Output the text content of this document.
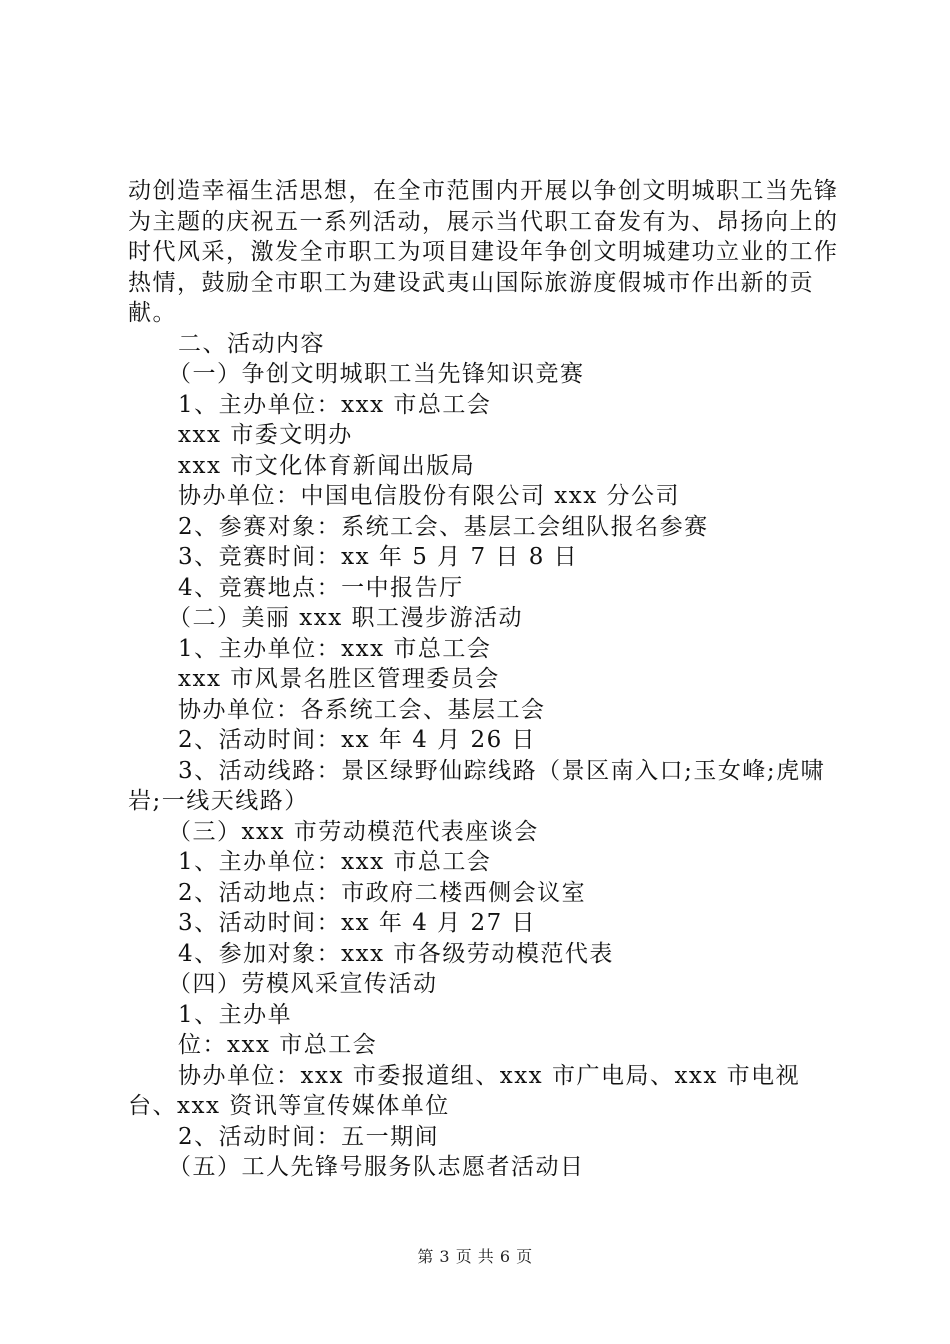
动创造幸福生活思想，在全市范围内开展以争创文明城职工当先锋为主题的庆祝五一系列活动，展示当代职工奋发有为、昂扬向上的时代风采，激发全市职工为项目建设年争创文明城建功立业的工作热情，鼓励全市职工为建设武夷山国际旅游度假城市作出新的贡献。

二、活动内容

（一）争创文明城职工当先锋知识竞赛

1、主办单位：xxx 市总工会

xxx 市委文明办

xxx 市文化体育新闻出版局

协办单位：中国电信股份有限公司 xxx 分公司

2、参赛对象：系统工会、基层工会组队报名参赛

3、竞赛时间：xx 年 5 月 7 日 8 日

4、竞赛地点：一中报告厅

（二）美丽 xxx 职工漫步游活动

1、主办单位：xxx 市总工会

xxx 市风景名胜区管理委员会

协办单位：各系统工会、基层工会

2、活动时间：xx 年 4 月 26 日

3、活动线路：景区绿野仙踪线路（景区南入口;玉女峰;虎啸岩;一线天线路）

（三）xxx 市劳动模范代表座谈会

1、主办单位：xxx 市总工会

2、活动地点：市政府二楼西侧会议室

3、活动时间：xx 年 4 月 27 日

4、参加对象：xxx 市各级劳动模范代表

（四）劳模风采宣传活动

1、主办单

位：xxx 市总工会

协办单位：xxx 市委报道组、xxx 市广电局、xxx 市电视台、xxx 资讯等宣传媒体单位

2、活动时间：五一期间

（五）工人先锋号服务队志愿者活动日

第 3 页 共 6 页
